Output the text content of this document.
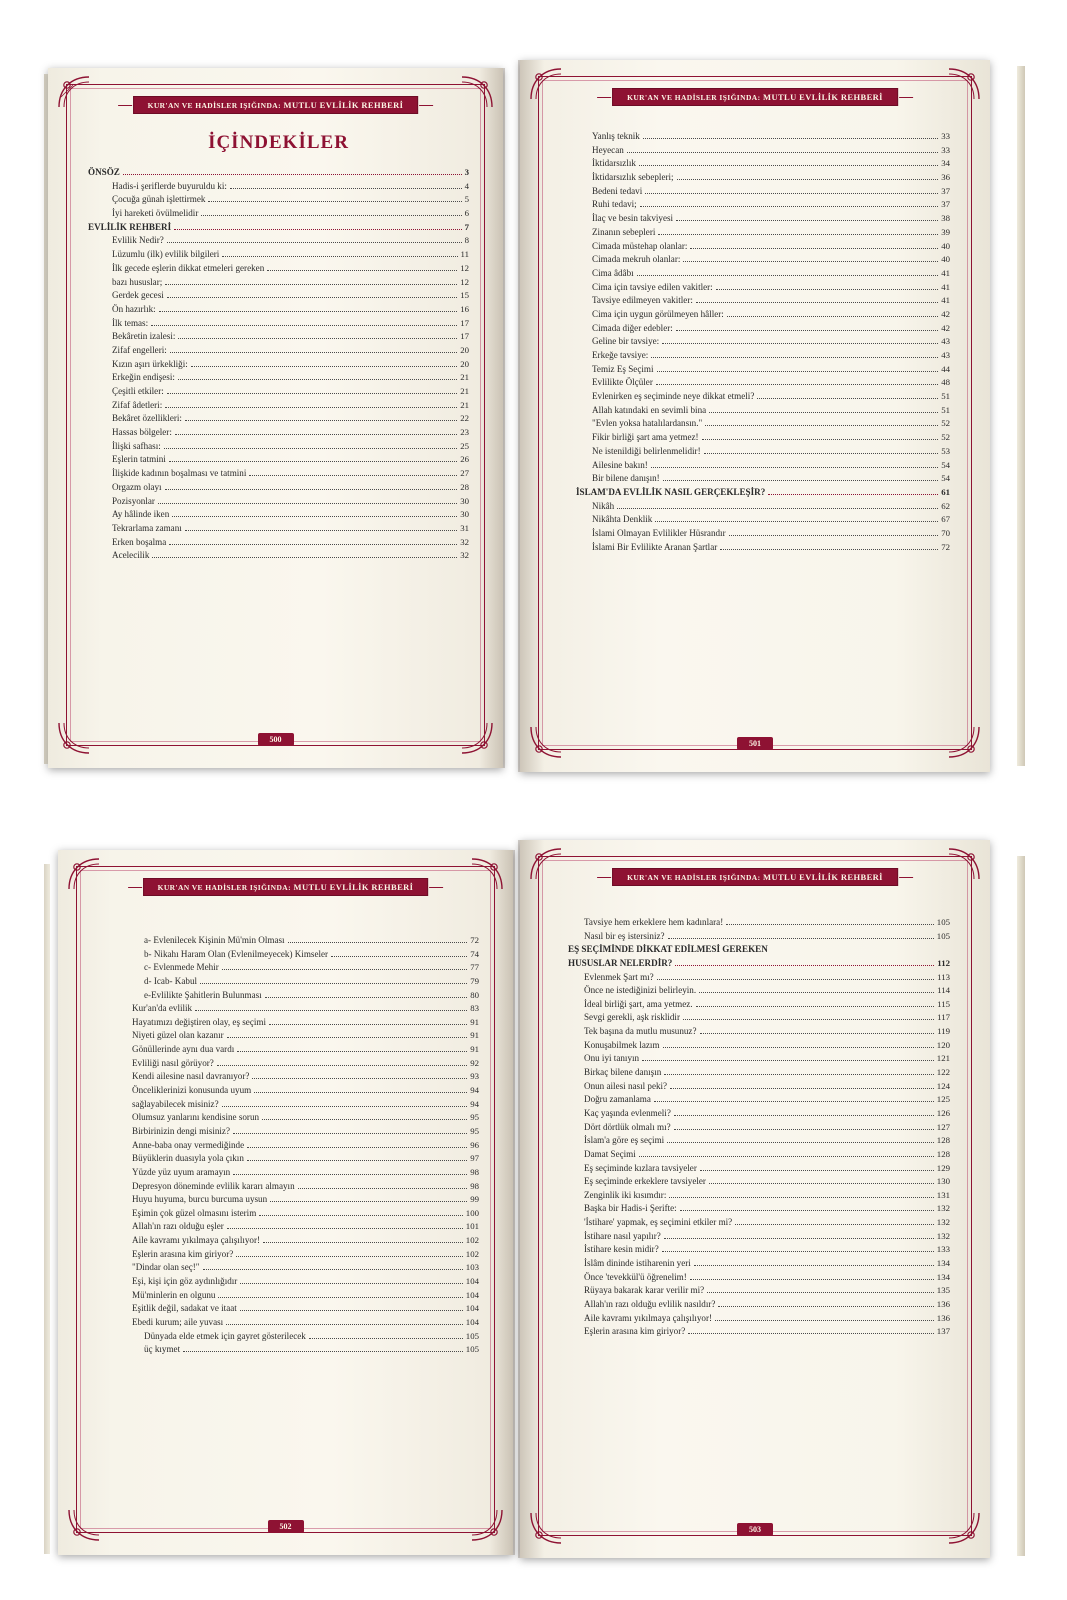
KUR'AN VE HADİSLER IŞIĞINDA: MUTLU EVLİLİK REHBERİ
İÇİNDEKİLER
ÖNSÖZ	3
Hadis-i şeriflerde buyuruldu ki:	4
Çocuğa günah işlettirmek	5
İyi hareketi övülmelidir	6
EVLİLİK REHBERİ	7
Evlilik Nedir?	8
Lüzumlu (ilk) evlilik bilgileri	11
İlk gecede eşlerin dikkat etmeleri gereken	12
bazı hususlar;	12
Gerdek gecesi	15
Ön hazırlık:	16
İlk temas:	17
Bekâretin izalesi:	17
Zifaf engelleri:	20
Kızın aşırı ürkekliği:	20
Erkeğin endişesi:	21
Çeşitli etkiler:	21
Zifaf âdetleri:	21
Bekâret özellikleri:	22
Hassas bölgeler:	23
İlişki safhası:	25
Eşlerin tatmini	26
İlişkide kadının boşalması ve tatmini	27
Orgazm olayı	28
Pozisyonlar	30
Ay hâlinde iken	30
Tekrarlama zamanı	31
Erken boşalma	32
Acelecilik	32
500
KUR'AN VE HADİSLER IŞIĞINDA: MUTLU EVLİLİK REHBERİ
Yanlış teknik	33
Heyecan	33
İktidarsızlık	34
İktidarsızlık sebepleri;	36
Bedeni tedavi	37
Ruhi tedavi;	37
İlaç ve besin takviyesi	38
Zinanın sebepleri	39
Cimada müstehap olanlar:	40
Cimada mekruh olanlar:	40
Cima âdâbı	41
Cima için tavsiye edilen vakitler:	41
Tavsiye edilmeyen vakitler:	41
Cima için uygun görülmeyen hâller:	42
Cimada diğer edebler:	42
Geline bir tavsiye:	43
Erkeğe tavsiye:	43
Temiz Eş Seçimi	44
Evlilikte Ölçüler	48
Evlenirken eş seçiminde neye dikkat etmeli?	51
Allah katındaki en sevimli bina	51
"Evlen yoksa hatalılardansın."	52
Fikir birliği şart ama yetmez!	52
Ne istenildiği belirlenmelidir!	53
Ailesine bakın!	54
Bir bilene danışın!	54
İSLAM'DA EVLİLİK NASIL GERÇEKLEŞİR?	61
Nikâh	62
Nikâhta Denklik	67
İslami Olmayan Evlilikler Hüsrandır	70
İslami Bir Evlilikte Aranan Şartlar	72
501
KUR'AN VE HADİSLER IŞIĞINDA: MUTLU EVLİLİK REHBERİ
a- Evlenilecek Kişinin Mü'min Olması	72
b- Nikahı Haram Olan (Evlenilmeyecek) Kimseler	74
c- Evlenmede Mehir	77
d- Icab- Kabul	79
e-Evlilikte Şahitlerin Bulunması	80
Kur'an'da evlilik	83
Hayatımızı değiştiren olay, eş seçimi	91
Niyeti güzel olan kazanır	91
Gönüllerinde aynı dua vardı	91
Evliliği nasıl görüyor?	92
Kendi ailesine nasıl davranıyor?	93
Önceliklerinizi konusunda uyum	94
sağlayabilecek misiniz?	94
Olumsuz yanlarını kendisine sorun	95
Birbirinizin dengi misiniz?	95
Anne-baba onay vermediğinde	96
Büyüklerin duasıyla yola çıkın	97
Yüzde yüz uyum aramayın	98
Depresyon döneminde evlilik kararı almayın	98
Huyu huyuma, burcu burcuma uysun	99
Eşimin çok güzel olmasını isterim	100
Allah'ın razı olduğu eşler	101
Aile kavramı yıkılmaya çalışılıyor!	102
Eşlerin arasına kim giriyor?	102
"Dindar olan seç!"	103
Eşi, kişi için göz aydınlığıdır	104
Mü'minlerin en olgunu	104
Eşitlik değil, sadakat ve itaat	104
Ebedi kurum; aile yuvası	104
Dünyada elde etmek için gayret gösterilecek	105
üç kıymet	105
502
KUR'AN VE HADİSLER IŞIĞINDA: MUTLU EVLİLİK REHBERİ
Tavsiye hem erkeklere hem kadınlara!	105
Nasıl bir eş istersiniz?	105
EŞ SEÇİMİNDE DİKKAT EDİLMESİ GEREKEN
HUSUSLAR NELERDİR?	112
Evlenmek Şart mı?	113
Önce ne istediğinizi belirleyin.	114
İdeal birliği şart, ama yetmez.	115
Sevgi gerekli, aşk risklidir	117
Tek başına da mutlu musunuz?	119
Konuşabilmek lazım	120
Onu iyi tanıyın	121
Birkaç bilene danışın	122
Onun ailesi nasıl peki?	124
Doğru zamanlama	125
Kaç yaşında evlenmeli?	126
Dört dörtlük olmalı mı?	127
İslam'a göre eş seçimi	128
Damat Seçimi	128
Eş seçiminde kızlara tavsiyeler	129
Eş seçiminde erkeklere tavsiyeler	130
Zenginlik iki kısımdır:	131
Başka bir Hadis-i Şerifte:	132
'İstihare' yapmak, eş seçimini etkiler mi?	132
İstihare nasıl yapılır?	132
İstihare kesin midir?	133
İslâm dininde istiharenin yeri	134
Önce 'tevekkül'ü öğrenelim!	134
Rüyaya bakarak karar verilir mi?	135
Allah'ın razı olduğu evlilik nasıldır?	136
Aile kavramı yıkılmaya çalışılıyor!	136
Eşlerin arasına kim giriyor?	137
503
